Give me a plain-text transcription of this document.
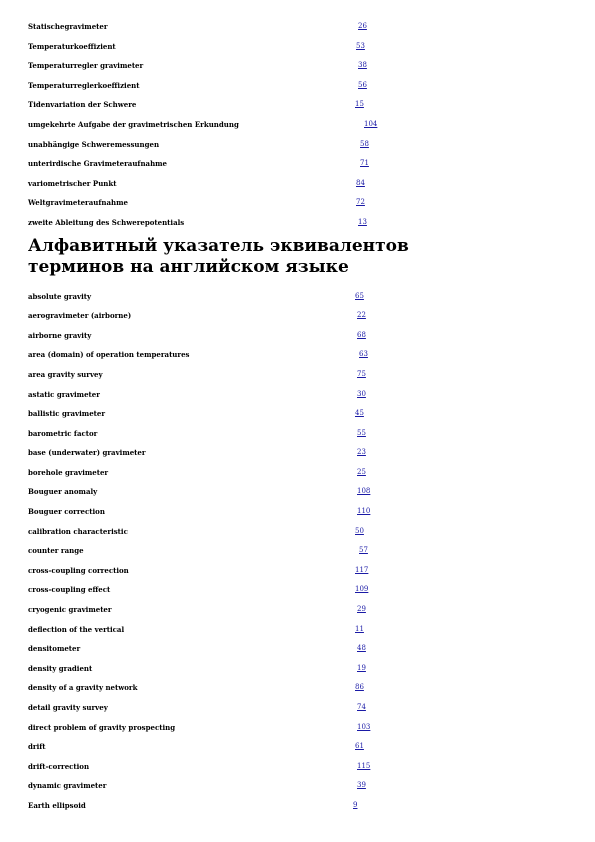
Statischegravimeter	26
Temperaturkoeffizient	53
Temperaturregler gravimeter	38
Temperaturreglerkoeffizient	56
Tidenvariation der Schwere	15
umgekehrte Aufgabe der gravimetrischen Erkundung	104
unabhängige Schweremessungen	58
unterirdische Gravimeteraufnahme	71
variometrischer Punkt	84
Weltgravimeteraufnahme	72
zweite Ableitung des Schwerepotentials	13
Алфавитный указатель эквивалентов терминов на английском языке
absolute gravity	65
aerogravimeter (airborne)	22
airborne gravity	68
area (domain) of operation temperatures	63
area gravity survey	75
astatic gravimeter	30
ballistic gravimeter	45
barometric factor	55
base (underwater) gravimeter	23
borehole gravimeter	25
Bouguer anomaly	108
Bouguer correction	110
calibration characteristic	50
counter range	57
cross-coupling correction	117
cross-coupling effect	109
cryogenic gravimeter	29
deflection of the vertical	11
densitometer	48
density gradient	19
density of a gravity network	86
detail gravity survey	74
direct problem of gravity prospecting	103
drift	61
drift-correction	115
dynamic gravimeter	39
Earth ellipsoid	9
